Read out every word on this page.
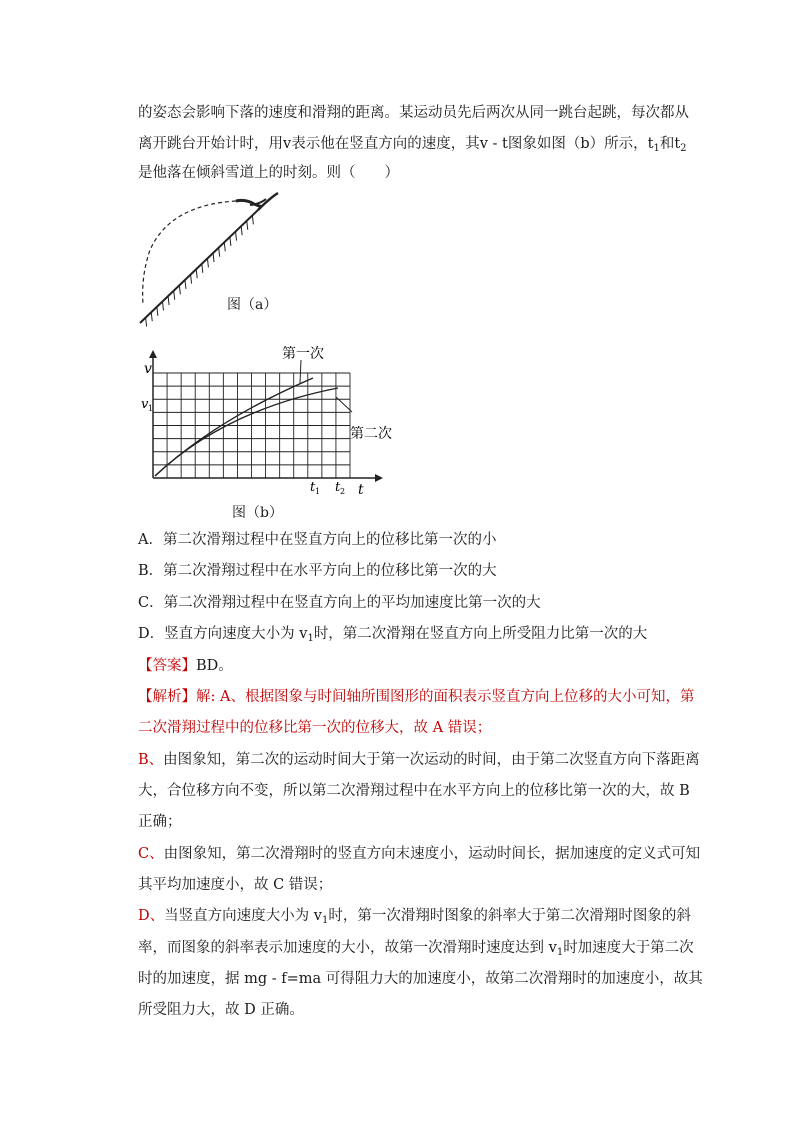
的姿态会影响下落的速度和滑翔的距离。某运动员先后两次从同一跳台起跳，每次都从
离开跳台开始计时，用v表示他在竖直方向的速度，其v - t图象如图（b）所示，$t_1$和$t_2$
是他落在倾斜雪道上的时刻。则（　　）
图（a）
第一次
第二次
v
v 1
t
t 1 t 2
图（b）
A．第二次滑翔过程中在竖直方向上的位移比第一次的小
B．第二次滑翔过程中在水平方向上的位移比第一次的大
C．第二次滑翔过程中在竖直方向上的平均加速度比第一次的大
D．竖直方向速度大小为 $v_1$时，第二次滑翔在竖直方向上所受阻力比第一次的大
【答案】BD。
【解析】解: A、根据图象与时间轴所围图形的面积表示竖直方向上位移的大小可知，第
二次滑翔过程中的位移比第一次的位移大，故 A 错误；
B、由图象知，第二次的运动时间大于第一次运动的时间，由于第二次竖直方向下落距离
大，合位移方向不变，所以第二次滑翔过程中在水平方向上的位移比第一次的大，故 B
正确；
C、由图象知，第二次滑翔时的竖直方向末速度小，运动时间长，据加速度的定义式可知
其平均加速度小，故 C 错误；
D、当竖直方向速度大小为 $v_1$时，第一次滑翔时图象的斜率大于第二次滑翔时图象的斜
率，而图象的斜率表示加速度的大小，故第一次滑翔时速度达到 $v_1$时加速度大于第二次
时的加速度，据 mg - f=ma 可得阻力大的加速度小，故第二次滑翔时的加速度小，故其
所受阻力大，故 D 正确。
